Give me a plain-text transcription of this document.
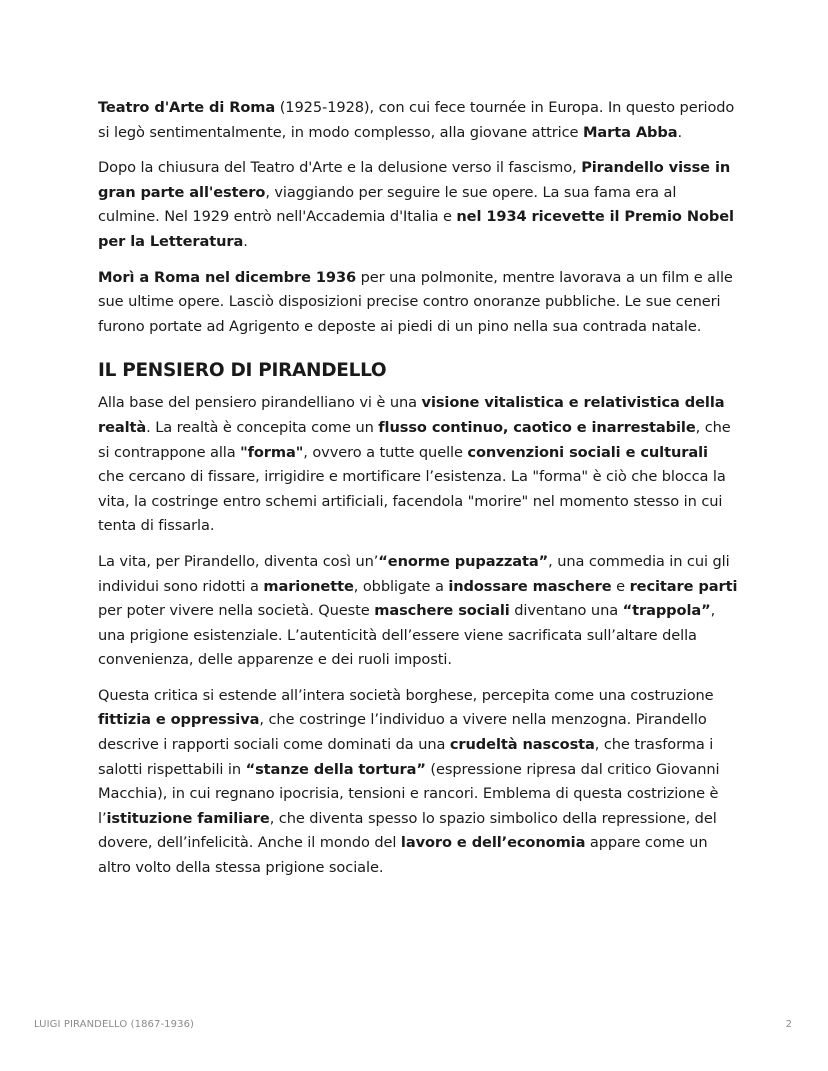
Teatro d'Arte di Roma (1925-1928), con cui fece tournée in Europa. In questo periodo si legò sentimentalmente, in modo complesso, alla giovane attrice Marta Abba.

Dopo la chiusura del Teatro d'Arte e la delusione verso il fascismo, Pirandello visse in gran parte all'estero, viaggiando per seguire le sue opere. La sua fama era al culmine. Nel 1929 entrò nell'Accademia d'Italia e nel 1934 ricevette il Premio Nobel per la Letteratura.

Morì a Roma nel dicembre 1936 per una polmonite, mentre lavorava a un film e alle sue ultime opere. Lasciò disposizioni precise contro onoranze pubbliche. Le sue ceneri furono portate ad Agrigento e deposte ai piedi di un pino nella sua contrada natale.

IL PENSIERO DI PIRANDELLO

Alla base del pensiero pirandelliano vi è una visione vitalistica e relativistica della realtà. La realtà è concepita come un flusso continuo, caotico e inarrestabile, che si contrappone alla "forma", ovvero a tutte quelle convenzioni sociali e culturali che cercano di fissare, irrigidire e mortificare l’esistenza. La "forma" è ciò che blocca la vita, la costringe entro schemi artificiali, facendola "morire" nel momento stesso in cui tenta di fissarla.

La vita, per Pirandello, diventa così un’“enorme pupazzata”, una commedia in cui gli individui sono ridotti a marionette, obbligate a indossare maschere e recitare parti per poter vivere nella società. Queste maschere sociali diventano una “trappola”, una prigione esistenziale. L’autenticità dell’essere viene sacrificata sull’altare della convenienza, delle apparenze e dei ruoli imposti.

Questa critica si estende all’intera società borghese, percepita come una costruzione fittizia e oppressiva, che costringe l’individuo a vivere nella menzogna. Pirandello descrive i rapporti sociali come dominati da una crudeltà nascosta, che trasforma i salotti rispettabili in “stanze della tortura” (espressione ripresa dal critico Giovanni Macchia), in cui regnano ipocrisia, tensioni e rancori. Emblema di questa costrizione è l’istituzione familiare, che diventa spesso lo spazio simbolico della repressione, del dovere, dell’infelicità. Anche il mondo del lavoro e dell’economia appare come un altro volto della stessa prigione sociale.

LUIGI PIRANDELLO (1867-1936)	2
